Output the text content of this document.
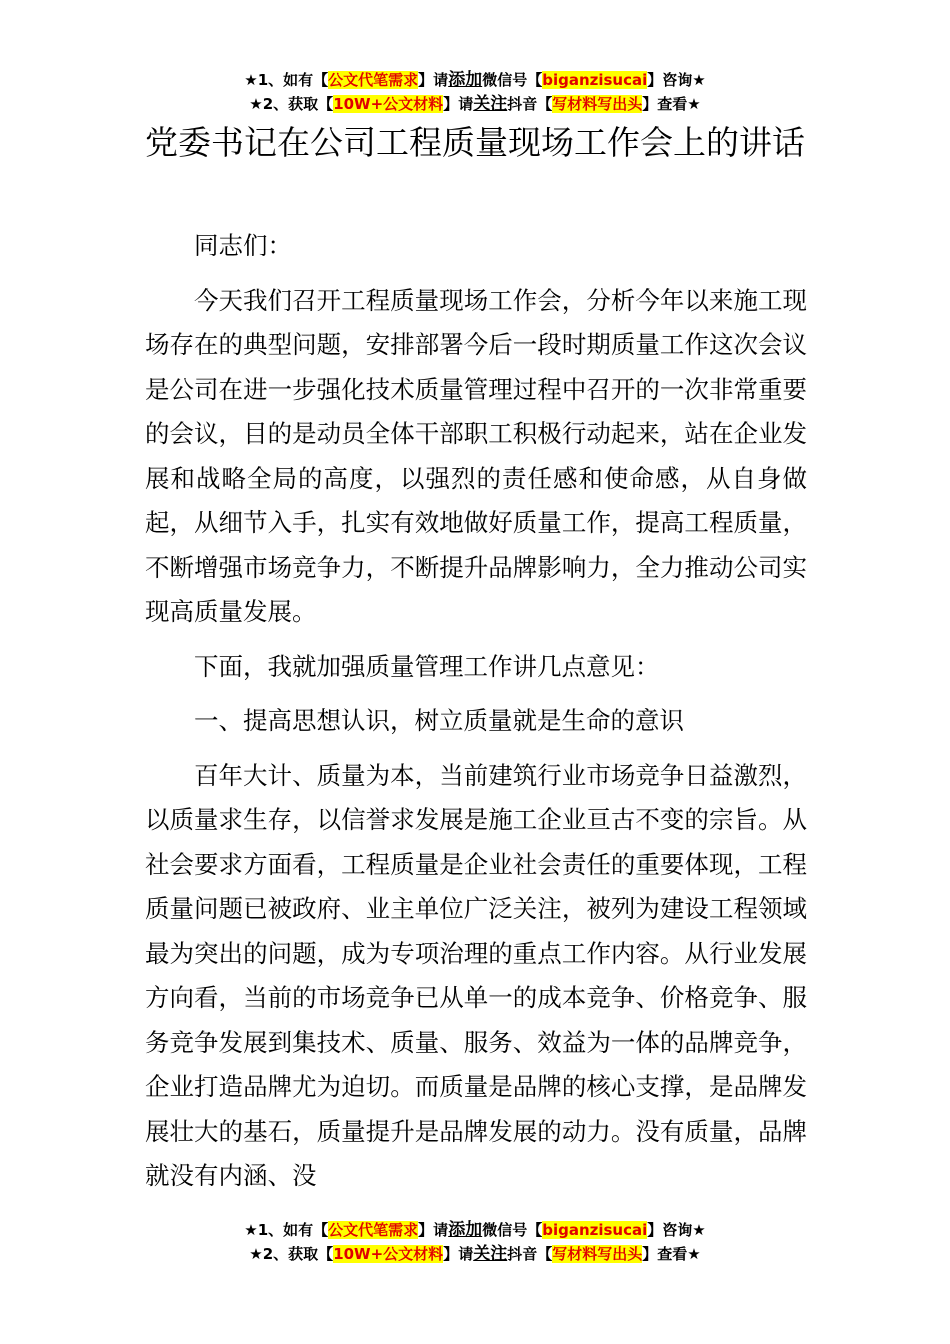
★1、如有【公文代笔需求】请添加微信号【biganzisucai】咨询★
★2、获取【10W+公文材料】请关注抖音【写材料写出头】查看★
党委书记在公司工程质量现场工作会上的讲话

同志们：

今天我们召开工程质量现场工作会，分析今年以来施工现场存在的典型问题，安排部署今后一段时期质量工作这次会议是公司在进一步强化技术质量管理过程中召开的一次非常重要的会议，目的是动员全体干部职工积极行动起来，站在企业发展和战略全局的高度，以强烈的责任感和使命感，从自身做起，从细节入手，扎实有效地做好质量工作，提高工程质量，不断增强市场竞争力，不断提升品牌影响力，全力推动公司实现高质量发展。

下面，我就加强质量管理工作讲几点意见：

一、提高思想认识，树立质量就是生命的意识

百年大计、质量为本，当前建筑行业市场竞争日益激烈，以质量求生存，以信誉求发展是施工企业亘古不变的宗旨。从社会要求方面看，工程质量是企业社会责任的重要体现，工程质量问题已被政府、业主单位广泛关注，被列为建设工程领域最为突出的问题，成为专项治理的重点工作内容。从行业发展方向看，当前的市场竞争已从单一的成本竞争、价格竞争、服务竞争发展到集技术、质量、服务、效益为一体的品牌竞争，企业打造品牌尤为迫切。而质量是品牌的核心支撑，是品牌发展壮大的基石，质量提升是品牌发展的动力。没有质量，品牌就没有内涵、没

★1、如有【公文代笔需求】请添加微信号【biganzisucai】咨询★
★2、获取【10W+公文材料】请关注抖音【写材料写出头】查看★
